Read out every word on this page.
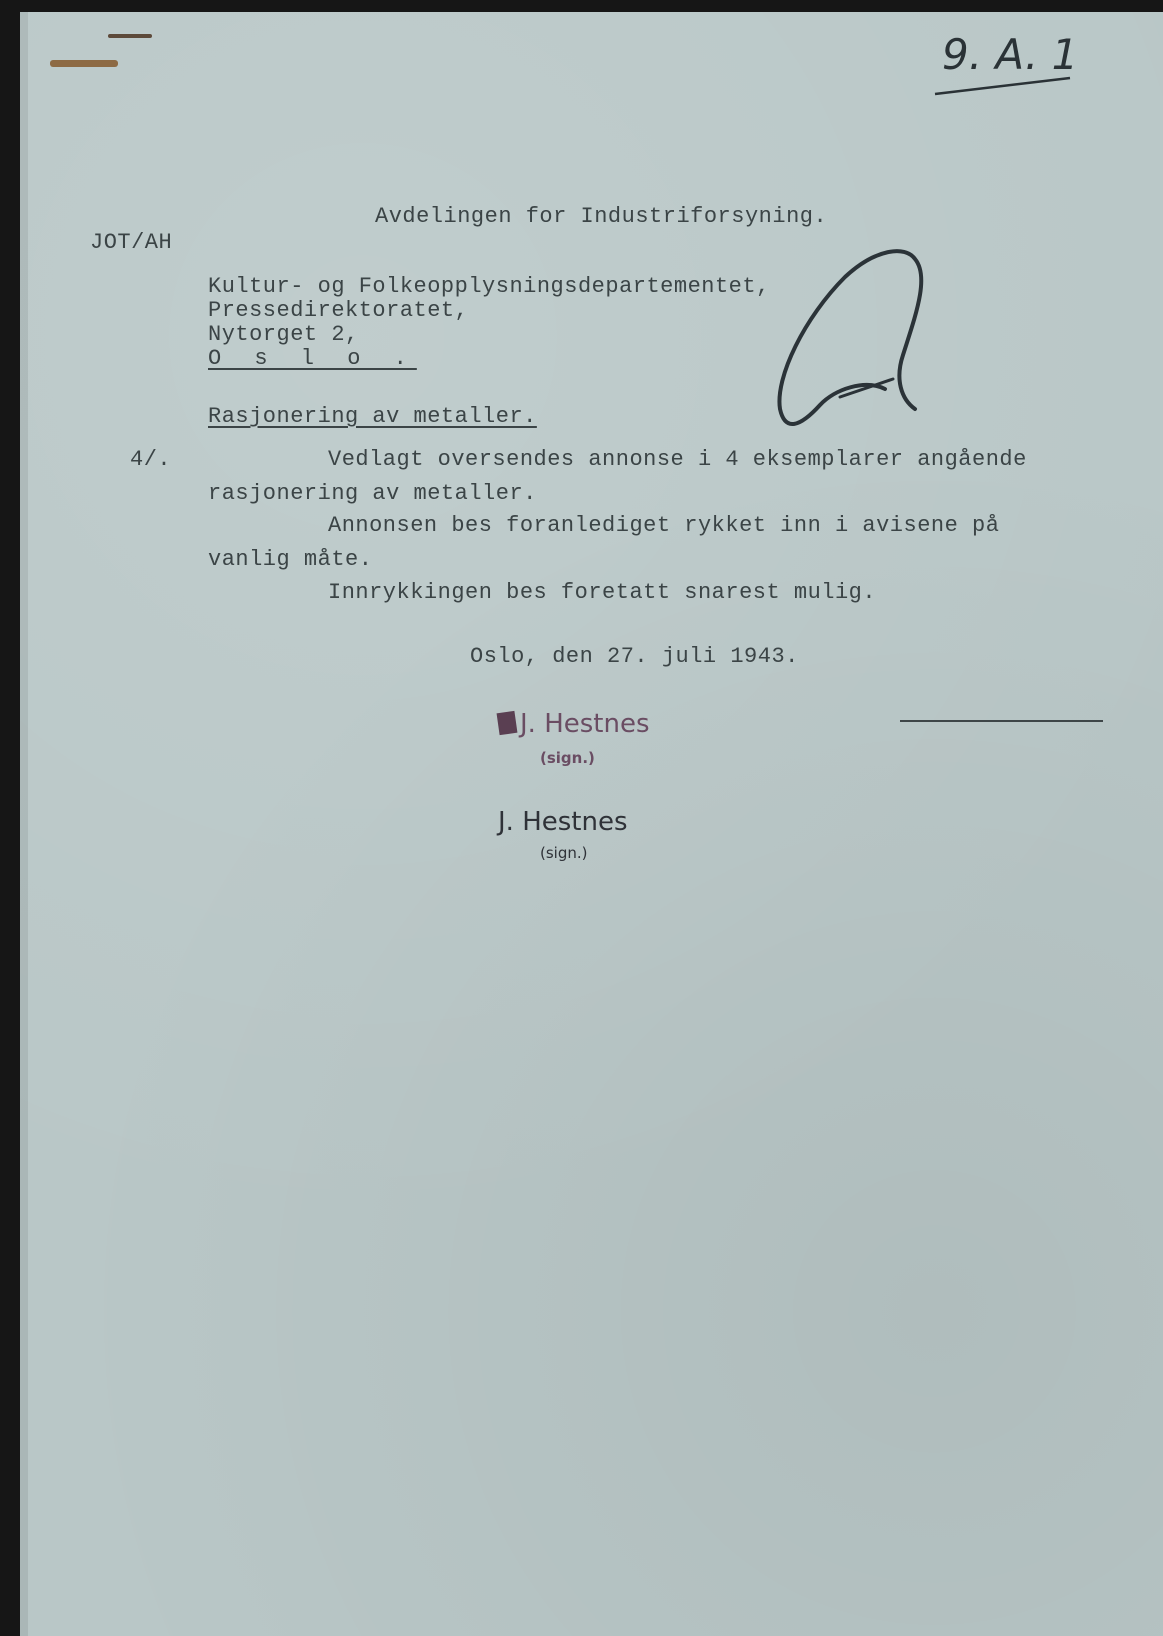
9. A. 1
Avdelingen for Industriforsyning.
JOT/AH
Kultur- og Folkeopplysningsdepartementet,
Pressedirektoratet,
Nytorget 2,
O s l o .
Rasjonering av metaller.
4/.	Vedlagt oversendes annonse i 4 eksemplarer angående
rasjonering av metaller.
Annonsen bes foranlediget rykket inn i avisene på
vanlig måte.
Innrykkingen bes foretatt snarest mulig.
Oslo, den 27. juli 1943.
J. Hestnes
(sign.)
J. Hestnes
(sign.)
